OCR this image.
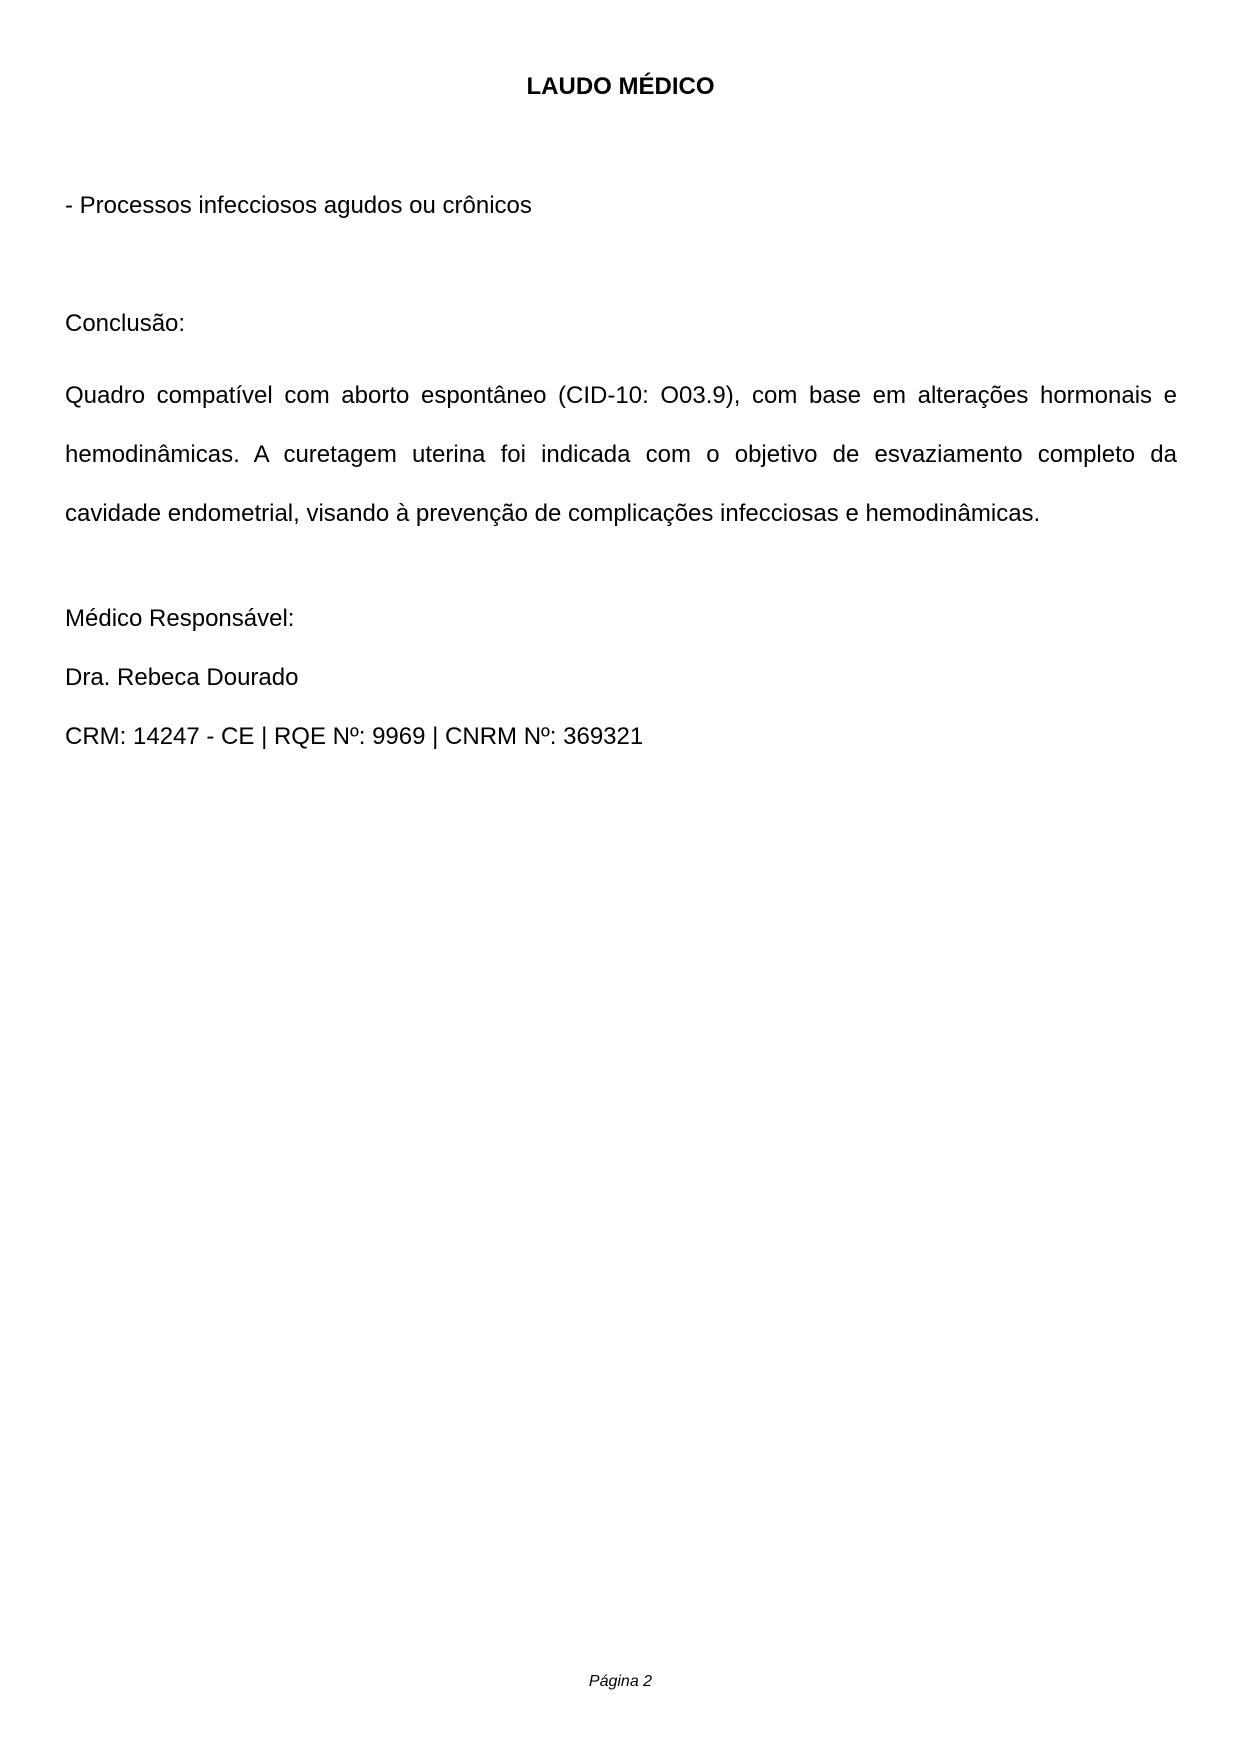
LAUDO MÉDICO
- Processos infecciosos agudos ou crônicos
Conclusão:
Quadro compatível com aborto espontâneo (CID-10: O03.9), com base em alterações hormonais e hemodinâmicas. A curetagem uterina foi indicada com o objetivo de esvaziamento completo da cavidade endometrial, visando à prevenção de complicações infecciosas e hemodinâmicas.
Médico Responsável:
Dra. Rebeca Dourado
CRM: 14247 - CE | RQE Nº: 9969 | CNRM Nº: 369321
Página 2
